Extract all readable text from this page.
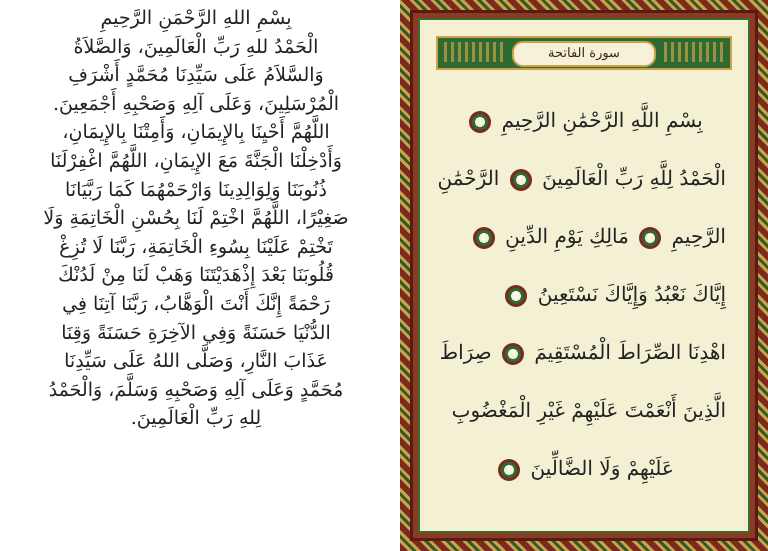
بِسْمِ اللهِ الرَّحْمَنِ الرَّحِيمِ
الْحَمْدُ للهِ رَبِّ الْعَالَمِينَ، وَالصَّلاَةُ
وَالسَّلاَمُ عَلَى سَيِّدِنَا مُحَمَّدٍ أَشْرَفِ
الْمُرْسَلِينَ، وَعَلَى آلِهِ وَصَحْبِهِ أَجْمَعِينَ.
اللَّهُمَّ أَحْيِنَا بِالإِيمَانِ، وَأَمِتْنَا بِالإِيمَانِ،
وَأَدْخِلْنَا الْجَنَّةَ مَعَ الإِيمَانِ، اللَّهُمَّ اغْفِرْلَنَا
ذُنُوبَنَا وَلِوَالِدِينَا وَارْحَمْهُمَا كَمَا رَبَّيَانَا
صَغِيْرًا، اللَّهُمَّ اخْتِمْ لَنَا بِحُسْنِ الْخَاتِمَةِ وَلَا
تَخْتِمْ عَلَيْنَا بِسُوءِ الْخَاتِمَةِ، رَبَّنَا لَا تُزِغْ
قُلُوبَنَا بَعْدَ إِذْهَدَيْتَنَا وَهَبْ لَنَا مِنْ لَدُنْكَ
رَحْمَةً إِنَّكَ أَنْتَ الْوَهَّابُ، رَبَّنَا آتِنَا فِي
الدُّنْيَا حَسَنَةً وَفِي الآخِرَةِ حَسَنَةً وَقِنَا
عَذَابَ النَّارِ، وَصَلَّى اللهُ عَلَى سَيِّدِنَا
مُحَمَّدٍ وَعَلَى آلِهِ وَصَحْبِهِ وَسَلَّمَ، وَالْحَمْدُ
لِلهِ رَبِّ الْعَالَمِينَ.
سورة الفاتحة
بِسْمِ اللَّهِ الرَّحْمَٰنِ الرَّحِيمِ ١
الْحَمْدُ لِلَّهِ رَبِّ الْعَالَمِينَ ٢ الرَّحْمَٰنِ
الرَّحِيمِ ٣ مَالِكِ يَوْمِ الدِّينِ ٤
إِيَّاكَ نَعْبُدُ وَإِيَّاكَ نَسْتَعِينُ ٥
اهْدِنَا الصِّرَاطَ الْمُسْتَقِيمَ ٦ صِرَاطَ
الَّذِينَ أَنْعَمْتَ عَلَيْهِمْ غَيْرِ الْمَغْضُوبِ
عَلَيْهِمْ وَلَا الضَّالِّينَ ٧
